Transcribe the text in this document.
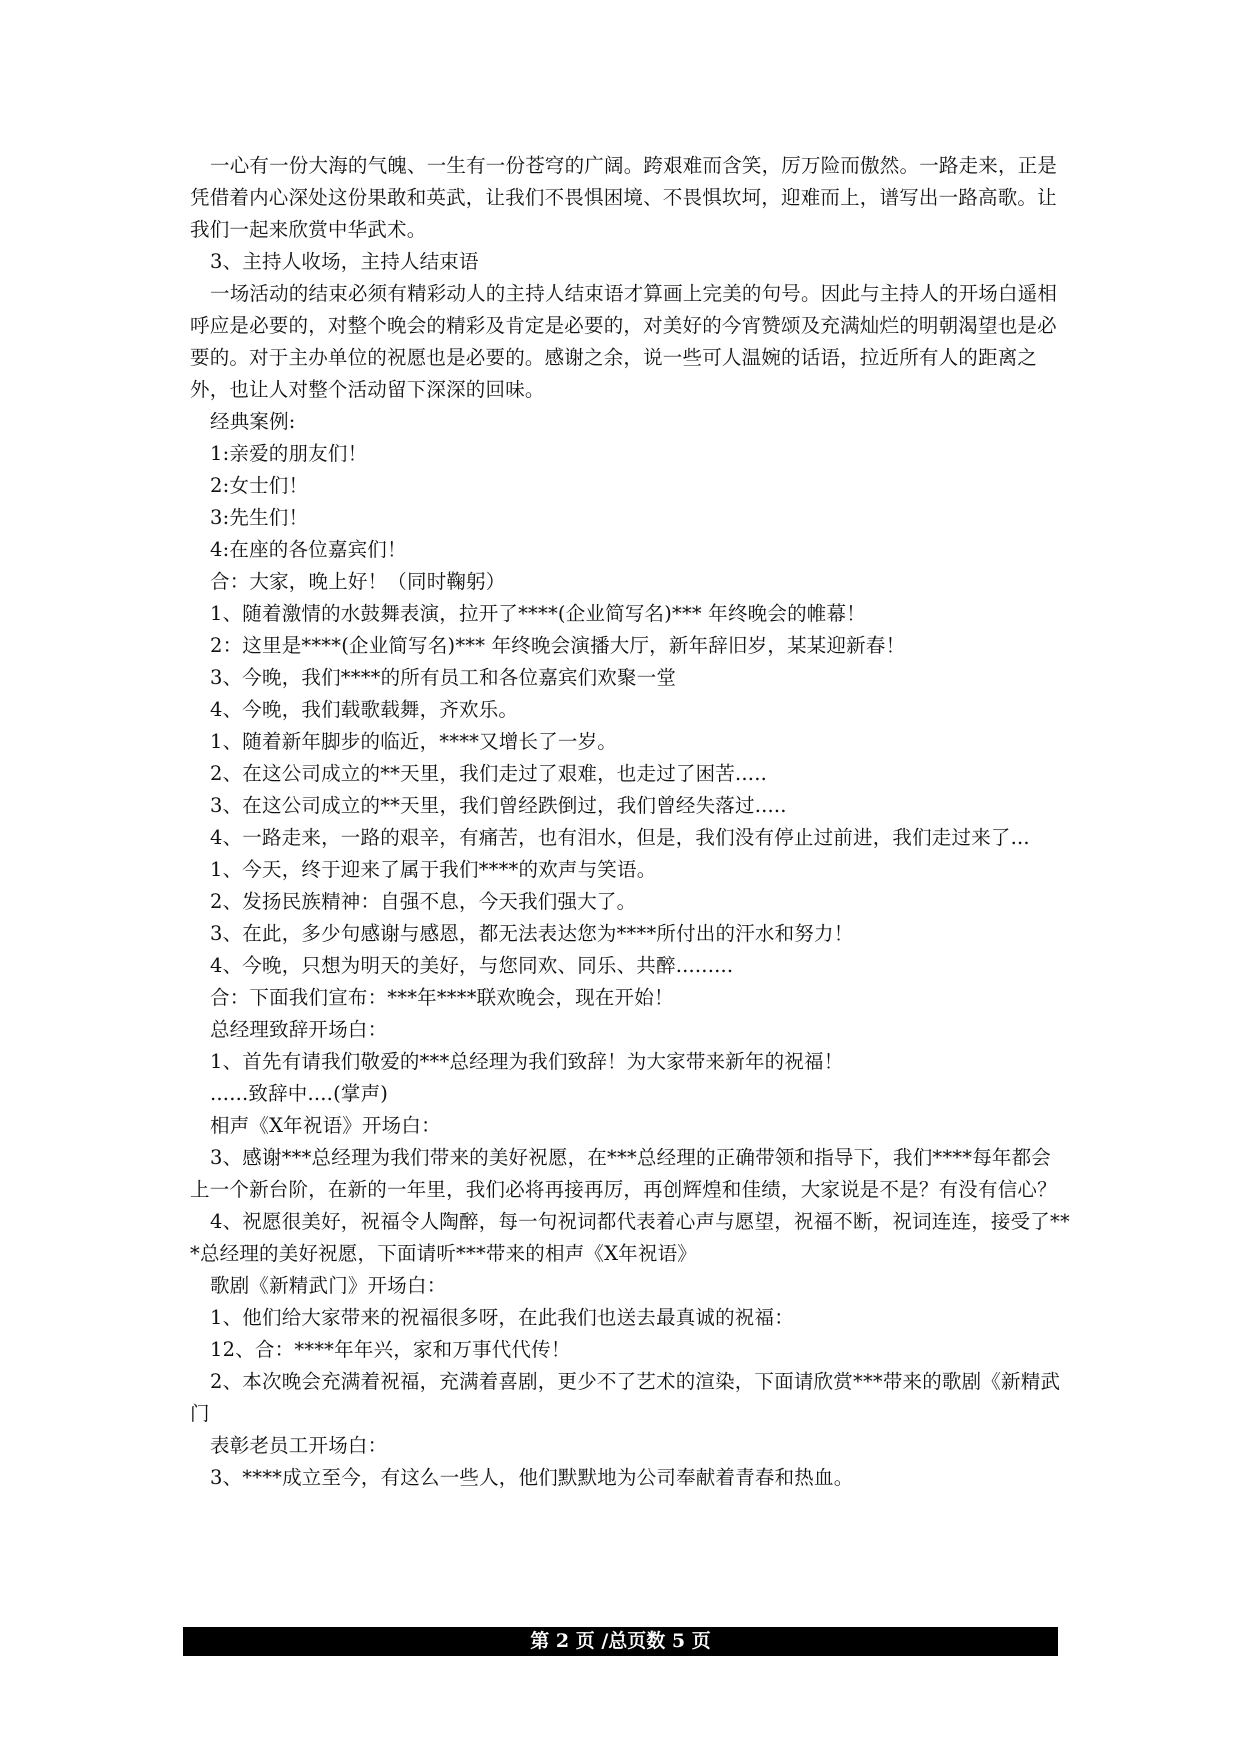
一心有一份大海的气魄、一生有一份苍穹的广阔。跨艰难而含笑，厉万险而傲然。一路走来，正是凭借着内心深处这份果敢和英武，让我们不畏惧困境、不畏惧坎坷，迎难而上，谱写出一路高歌。让我们一起来欣赏中华武术。

3、主持人收场，主持人结束语

一场活动的结束必须有精彩动人的主持人结束语才算画上完美的句号。因此与主持人的开场白遥相呼应是必要的，对整个晚会的精彩及肯定是必要的，对美好的今宵赞颂及充满灿烂的明朝渴望也是必要的。对于主办单位的祝愿也是必要的。感谢之余，说一些可人温婉的话语，拉近所有人的距离之外，也让人对整个活动留下深深的回味。

经典案例:

1:亲爱的朋友们！

2:女士们！

3:先生们！

4:在座的各位嘉宾们！

合：大家，晚上好！（同时鞠躬）

1、随着激情的水鼓舞表演，拉开了****(企业简写名)*** 年终晚会的帷幕！

2：这里是****(企业简写名)*** 年终晚会演播大厅，新年辞旧岁，某某迎新春！

3、今晚，我们****的所有员工和各位嘉宾们欢聚一堂

4、今晚，我们载歌载舞，齐欢乐。

1、随着新年脚步的临近，****又增长了一岁。

2、在这公司成立的**天里，我们走过了艰难，也走过了困苦.....

3、在这公司成立的**天里，我们曾经跌倒过，我们曾经失落过.....

4、一路走来，一路的艰辛，有痛苦，也有泪水，但是，我们没有停止过前进，我们走过来了...

1、今天，终于迎来了属于我们****的欢声与笑语。

2、发扬民族精神：自强不息，今天我们强大了。

3、在此，多少句感谢与感恩，都无法表达您为****所付出的汗水和努力！

4、今晚，只想为明天的美好，与您同欢、同乐、共醉.........

合：下面我们宣布：***年****联欢晚会，现在开始！

总经理致辞开场白：

1、首先有请我们敬爱的***总经理为我们致辞！为大家带来新年的祝福！

......致辞中....(掌声)

相声《X年祝语》开场白：

3、感谢***总经理为我们带来的美好祝愿，在***总经理的正确带领和指导下，我们****每年都会上一个新台阶，在新的一年里，我们必将再接再厉，再创辉煌和佳绩，大家说是不是？有没有信心？

4、祝愿很美好，祝福令人陶醉，每一句祝词都代表着心声与愿望，祝福不断，祝词连连，接受了***总经理的美好祝愿，下面请听***带来的相声《X年祝语》

歌剧《新精武门》开场白：

1、他们给大家带来的祝福很多呀，在此我们也送去最真诚的祝福：

12、合：****年年兴，家和万事代代传！

2、本次晚会充满着祝福，充满着喜剧，更少不了艺术的渲染，下面请欣赏***带来的歌剧《新精武门

表彰老员工开场白：

3、****成立至今，有这么一些人，他们默默地为公司奉献着青春和热血。

第 2 页 /总页数 5 页
